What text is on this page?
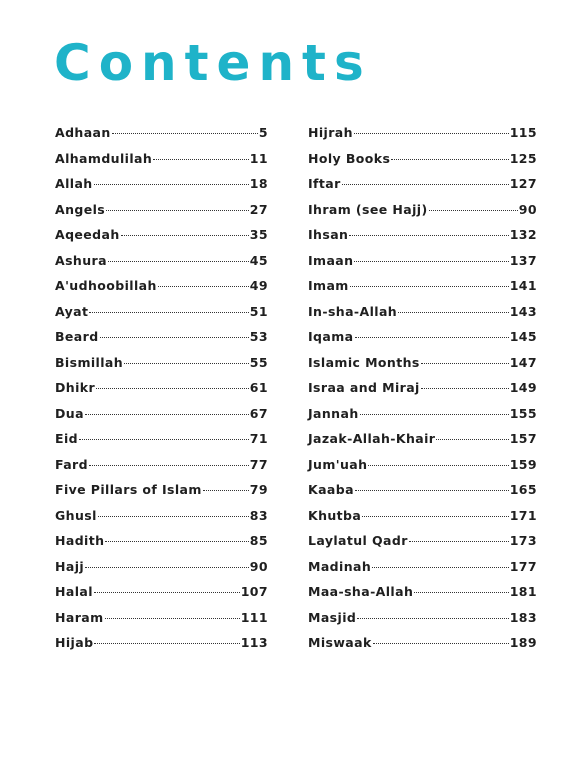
Contents
Adhaan	5
Alhamdulilah	11
Allah	18
Angels	27
Aqeedah	35
Ashura	45
A'udhoobillah	49
Ayat	51
Beard	53
Bismillah	55
Dhikr	61
Dua	67
Eid	71
Fard	77
Five Pillars of Islam	79
Ghusl	83
Hadith	85
Hajj	90
Halal	107
Haram	111
Hijab	113
Hijrah	115
Holy Books	125
Iftar	127
Ihram (see Hajj)	90
Ihsan	132
Imaan	137
Imam	141
In-sha-Allah	143
Iqama	145
Islamic Months	147
Israa and Miraj	149
Jannah	155
Jazak-Allah-Khair	157
Jum'uah	159
Kaaba	165
Khutba	171
Laylatul Qadr	173
Madinah	177
Maa-sha-Allah	181
Masjid	183
Miswaak	189
